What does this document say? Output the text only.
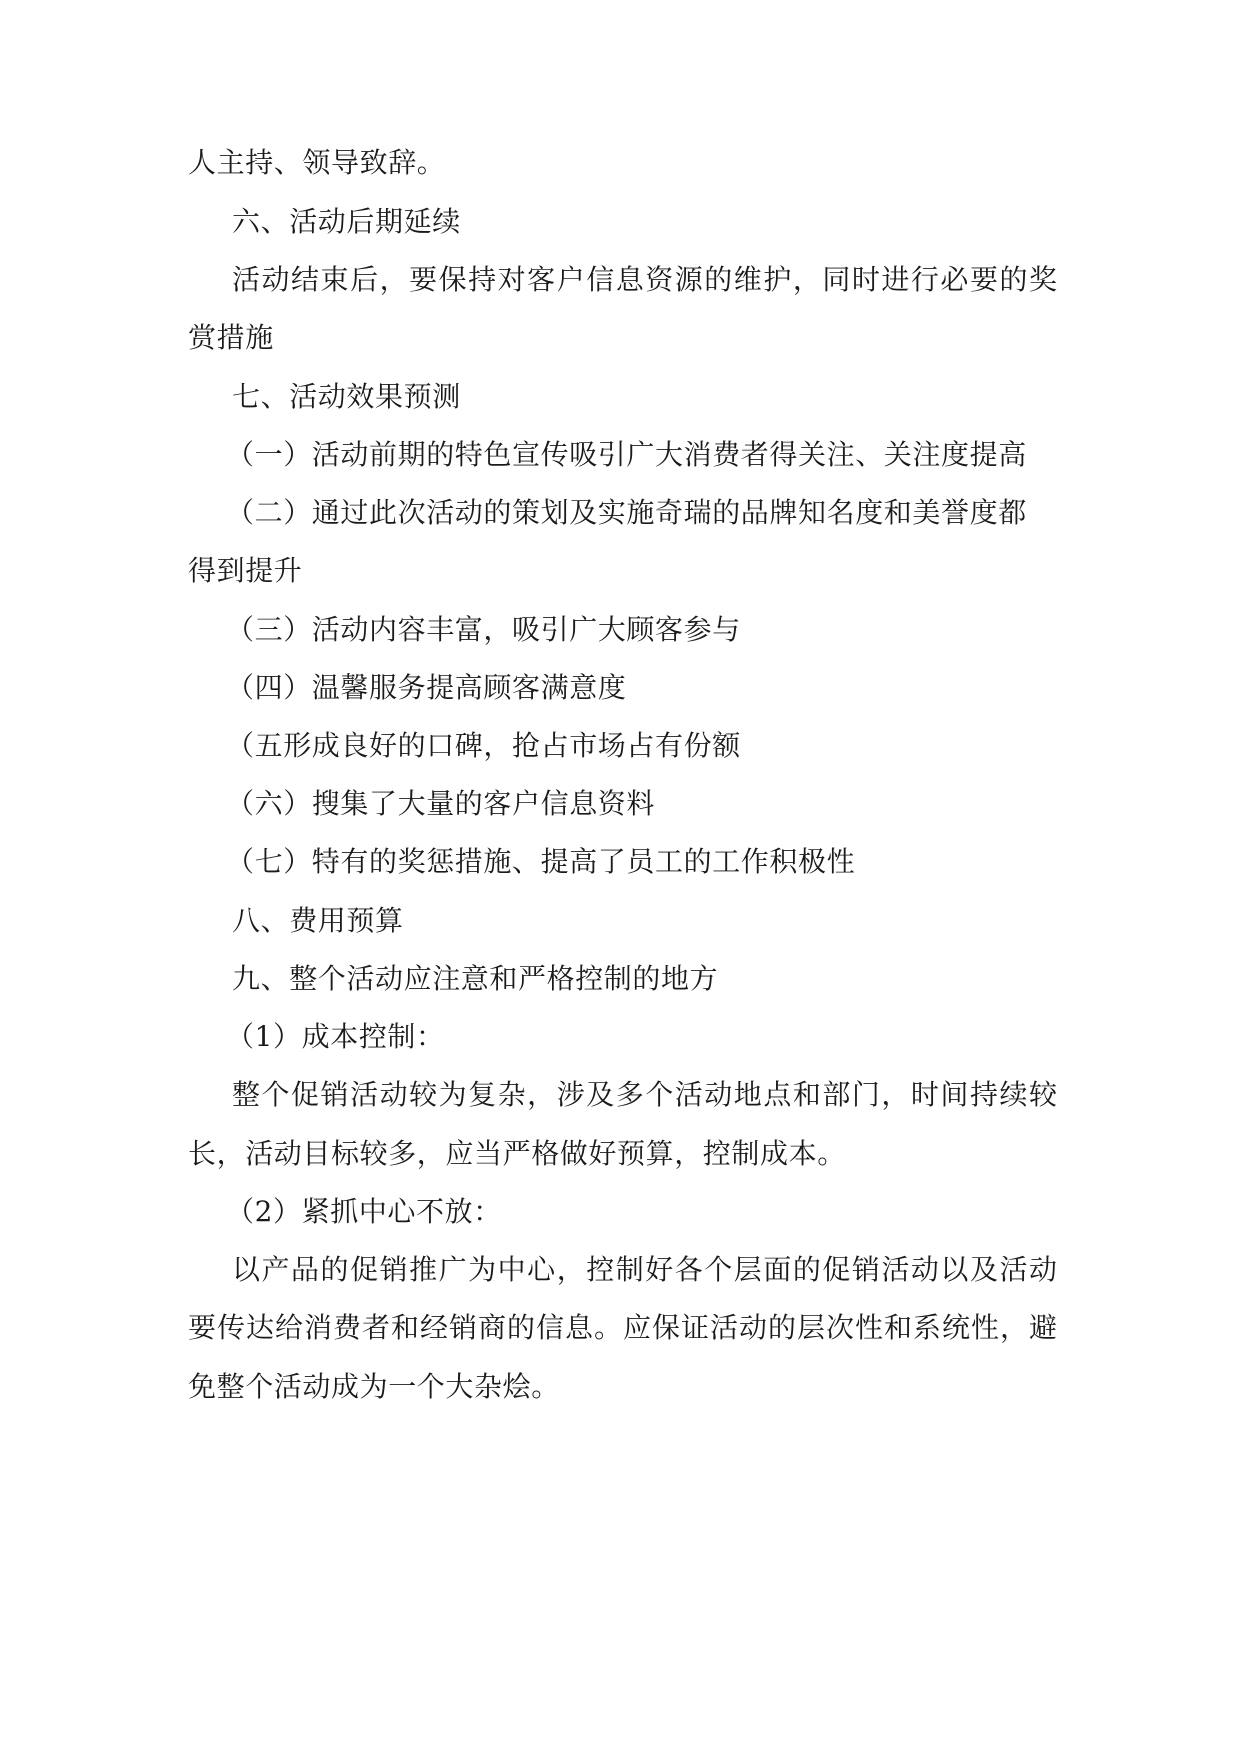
人主持、领导致辞。
六、活动后期延续
活动结束后，要保持对客户信息资源的维护，同时进行必要的奖
赏措施
七、活动效果预测
（一）活动前期的特色宣传吸引广大消费者得关注、关注度提高
（二）通过此次活动的策划及实施奇瑞的品牌知名度和美誉度都
得到提升
（三）活动内容丰富，吸引广大顾客参与
（四）温馨服务提高顾客满意度
（五形成良好的口碑，抢占市场占有份额
（六）搜集了大量的客户信息资料
（七）特有的奖惩措施、提高了员工的工作积极性
八、费用预算
九、整个活动应注意和严格控制的地方
（1）成本控制：
整个促销活动较为复杂，涉及多个活动地点和部门，时间持续较
长，活动目标较多，应当严格做好预算，控制成本。
（2）紧抓中心不放：
以产品的促销推广为中心，控制好各个层面的促销活动以及活动
要传达给消费者和经销商的信息。应保证活动的层次性和系统性，避
免整个活动成为一个大杂烩。
